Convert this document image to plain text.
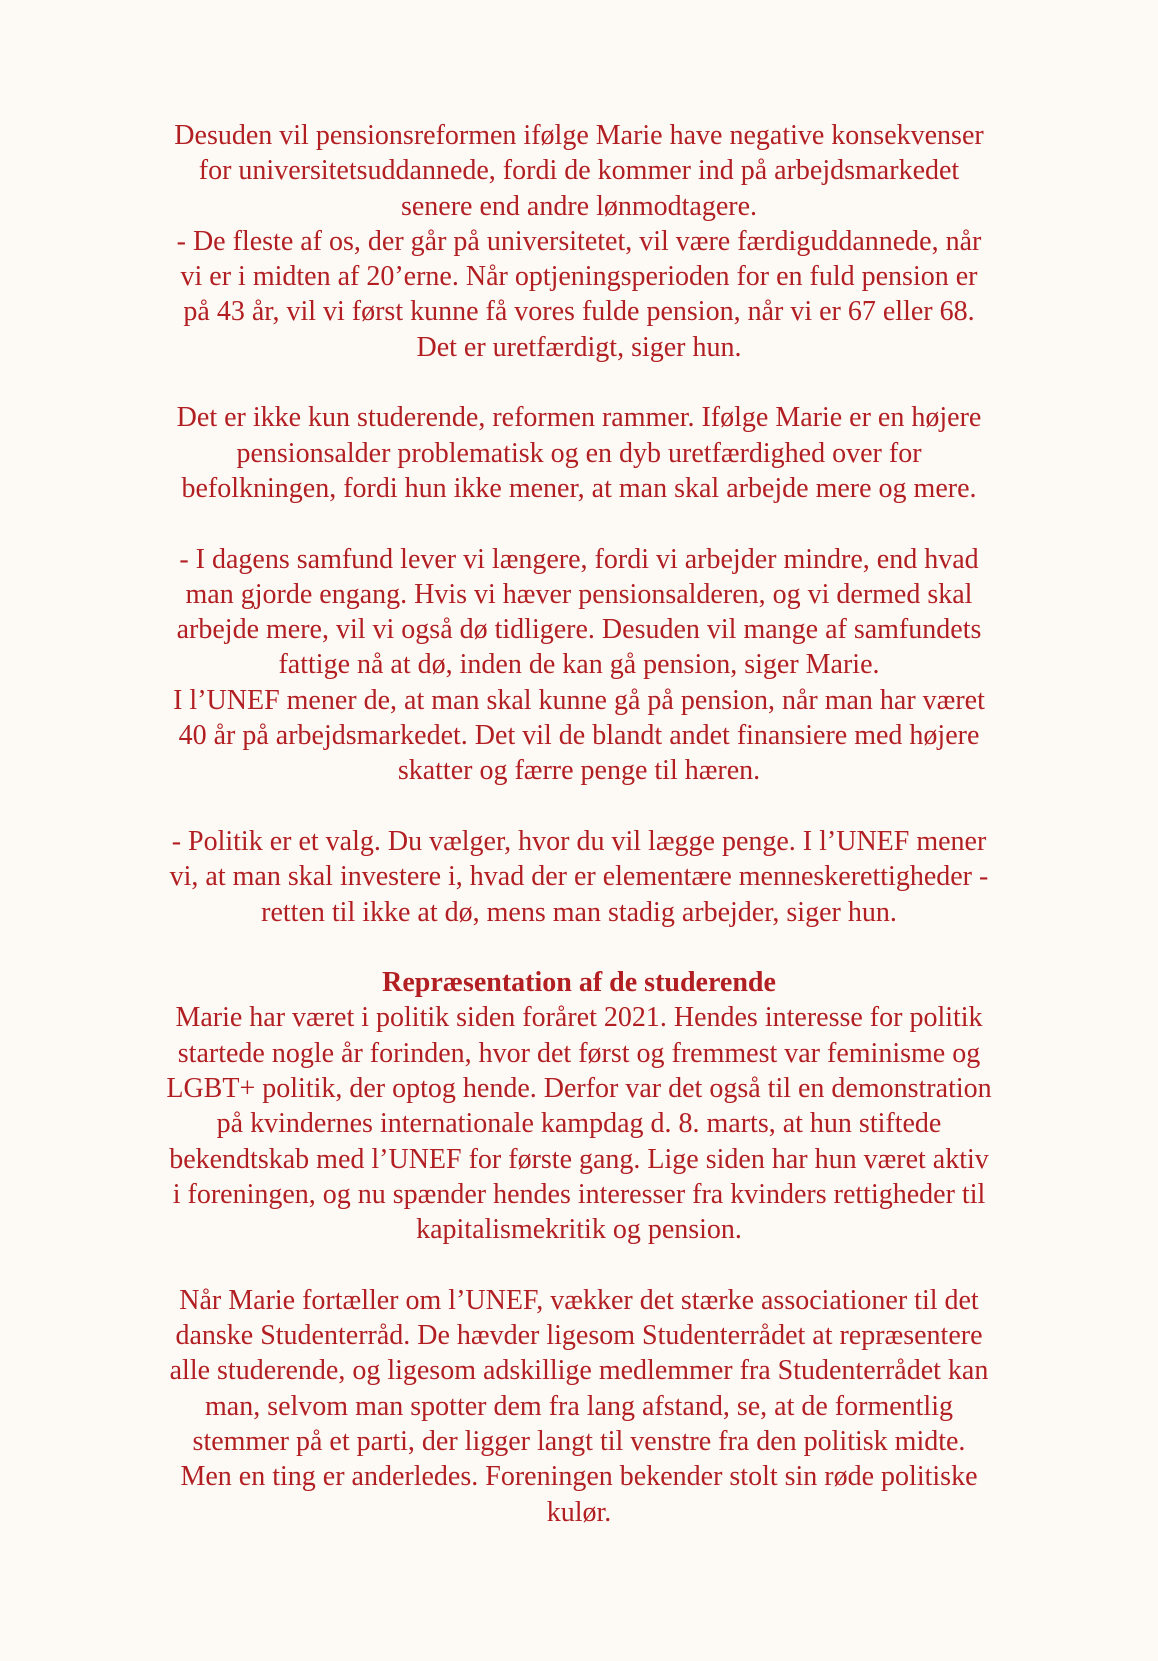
Desuden vil pensionsreformen ifølge Marie have negative konsekvenser
for universitetsuddannede, fordi de kommer ind på arbejdsmarkedet
senere end andre lønmodtagere.
- De fleste af os, der går på universitetet, vil være færdiguddannede, når
vi er i midten af 20’erne. Når optjeningsperioden for en fuld pension er
på 43 år, vil vi først kunne få vores fulde pension, når vi er 67 eller 68.
Det er uretfærdigt, siger hun.
Det er ikke kun studerende, reformen rammer. Ifølge Marie er en højere
pensionsalder problematisk og en dyb uretfærdighed over for
befolkningen, fordi hun ikke mener, at man skal arbejde mere og mere.
- I dagens samfund lever vi længere, fordi vi arbejder mindre, end hvad
man gjorde engang. Hvis vi hæver pensionsalderen, og vi dermed skal
arbejde mere, vil vi også dø tidligere. Desuden vil mange af samfundets
fattige nå at dø, inden de kan gå pension, siger Marie.
I l’UNEF mener de, at man skal kunne gå på pension, når man har været
40 år på arbejdsmarkedet. Det vil de blandt andet finansiere med højere
skatter og færre penge til hæren.
- Politik er et valg. Du vælger, hvor du vil lægge penge. I l’UNEF mener
vi, at man skal investere i, hvad der er elementære menneskerettigheder -
retten til ikke at dø, mens man stadig arbejder, siger hun.
Repræsentation af de studerende
Marie har været i politik siden foråret 2021. Hendes interesse for politik
startede nogle år forinden, hvor det først og fremmest var feminisme og
LGBT+ politik, der optog hende. Derfor var det også til en demonstration
på kvindernes internationale kampdag d. 8. marts, at hun stiftede
bekendtskab med l’UNEF for første gang. Lige siden har hun været aktiv
i foreningen, og nu spænder hendes interesser fra kvinders rettigheder til
kapitalismekritik og pension.
Når Marie fortæller om l’UNEF, vækker det stærke associationer til det
danske Studenterråd. De hævder ligesom Studenterrådet at repræsentere
alle studerende, og ligesom adskillige medlemmer fra Studenterrådet kan
man, selvom man spotter dem fra lang afstand, se, at de formentlig
stemmer på et parti, der ligger langt til venstre fra den politisk midte.
Men en ting er anderledes. Foreningen bekender stolt sin røde politiske
kulør.
